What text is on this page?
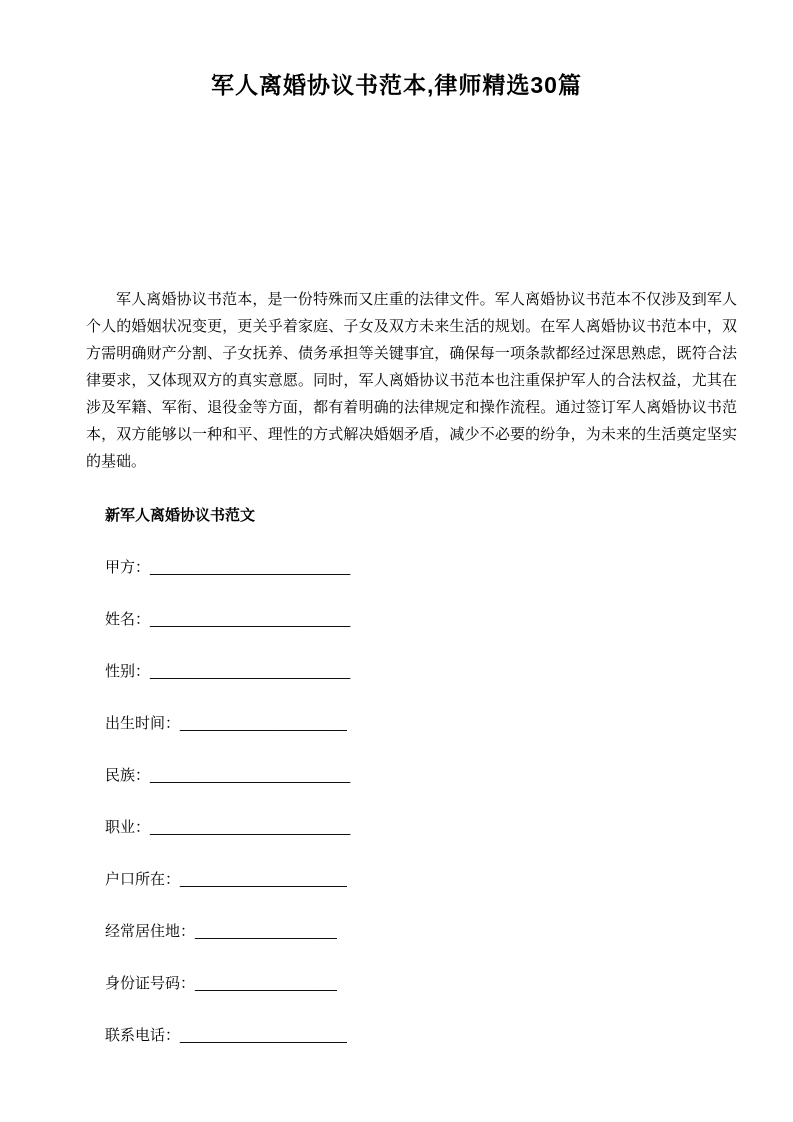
军人离婚协议书范本,律师精选30篇

军人离婚协议书范本，是一份特殊而又庄重的法律文件。军人离婚协议书范本不仅涉及到军人个人的婚姻状况变更，更关乎着家庭、子女及双方未来生活的规划。在军人离婚协议书范本中，双方需明确财产分割、子女抚养、债务承担等关键事宜，确保每一项条款都经过深思熟虑，既符合法律要求，又体现双方的真实意愿。同时，军人离婚协议书范本也注重保护军人的合法权益，尤其在涉及军籍、军衔、退役金等方面，都有着明确的法律规定和操作流程。通过签订军人离婚协议书范本，双方能够以一种和平、理性的方式解决婚姻矛盾，减少不必要的纷争，为未来的生活奠定坚实的基础。

新军人离婚协议书范文
甲方：________________________
姓名：________________________
性别：________________________
出生时间：____________________
民族：________________________
职业：________________________
户口所在：____________________
经常居住地：_________________
身份证号码：_________________
联系电话：____________________
